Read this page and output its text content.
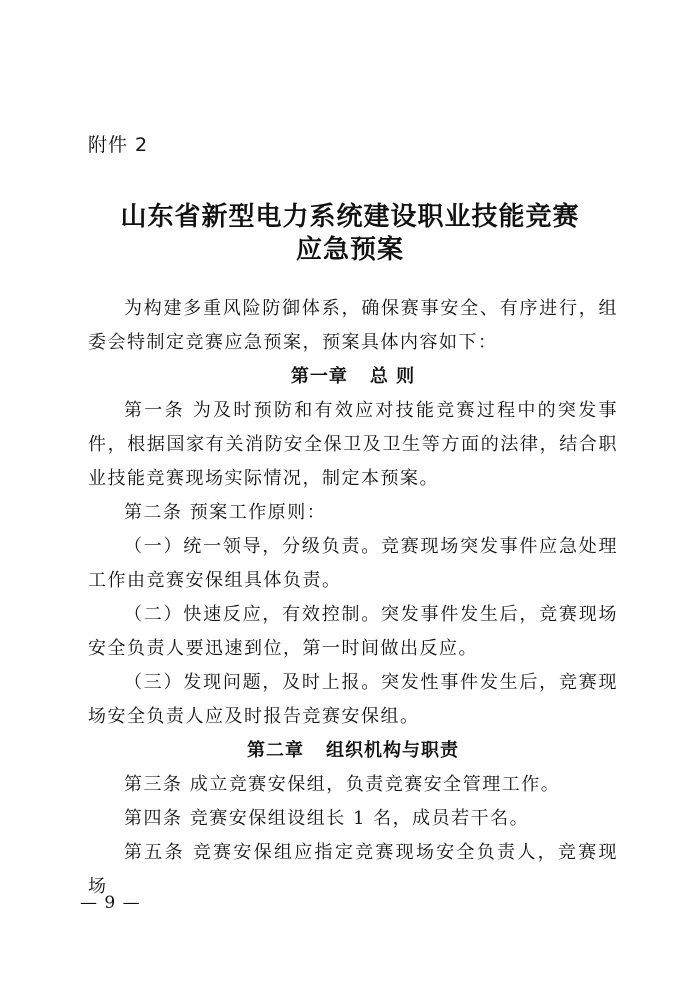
附件 2
山东省新型电力系统建设职业技能竞赛
应急预案

为构建多重风险防御体系，确保赛事安全、有序进行，组委会特制定竞赛应急预案，预案具体内容如下：

第一章 总 则

第一条 为及时预防和有效应对技能竞赛过程中的突发事件，根据国家有关消防安全保卫及卫生等方面的法律，结合职业技能竞赛现场实际情况，制定本预案。

第二条 预案工作原则：

（一）统一领导，分级负责。竞赛现场突发事件应急处理工作由竞赛安保组具体负责。

（二）快速反应，有效控制。突发事件发生后，竞赛现场安全负责人要迅速到位，第一时间做出反应。

（三）发现问题，及时上报。突发性事件发生后，竞赛现场安全负责人应及时报告竞赛安保组。

第二章 组织机构与职责

第三条 成立竞赛安保组，负责竞赛安全管理工作。

第四条 竞赛安保组设组长 1 名，成员若干名。

第五条 竞赛安保组应指定竞赛现场安全负责人，竞赛现场

— 9 —
